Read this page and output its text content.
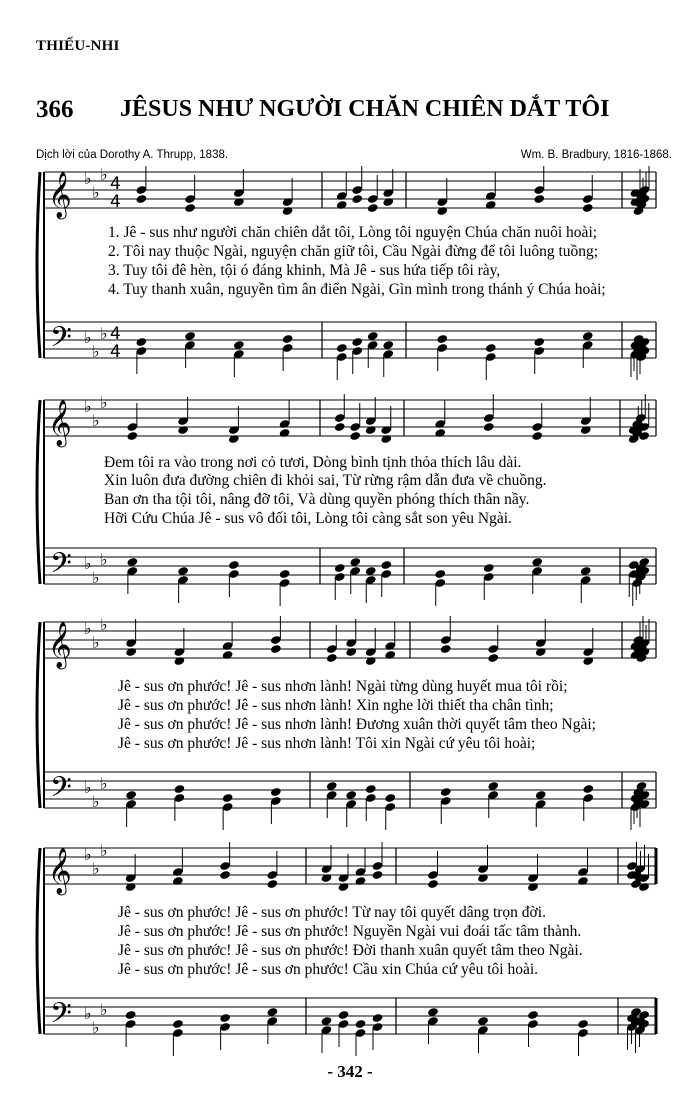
THIẾU-NHI
366 JÊSUS NHƯ NGƯỜI CHĂN CHIÊN DẮT TÔI
Dịch lời của Dorothy A. Thrupp, 1838.	Wm. B. Bradbury, 1816-1868.
𝄞 ♭
♭
♭ 4
4
𝄢 ♭
♭
♭ 4
4
𝄞 ♭
♭
♭
𝄢 ♭
♭
♭
𝄞 ♭
♭
♭
𝄢 ♭
♭
♭
𝄞 ♭
♭
♭
𝄢 ♭
♭
♭
1. Jê - sus như người chăn chiên dắt tôi, Lòng tôi nguyện Chúa chăn nuôi hoài;
2. Tôi nay thuộc Ngài, nguyện chăn giữ tôi, Cầu Ngài đừng để tôi luông tuồng;
3. Tuy tôi đê hèn, tội ó đáng khinh, Mà Jê - sus hứa tiếp tôi rày,
4. Tuy thanh xuân, nguyền tìm ân điển Ngài, Gìn mình trong thánh ý Chúa hoài;
Đem tôi ra vào trong nơi cỏ tươi, Dòng bình tịnh thỏa thích lâu dài.
Xin luôn đưa đường chiên đi khỏi sai, Từ rừng rậm dẫn đưa về chuồng.
Ban ơn tha tội tôi, nâng đỡ tôi, Và dùng quyền phóng thích thân nầy.
Hỡi Cứu Chúa Jê - sus vô đối tôi, Lòng tôi càng sắt son yêu Ngài.
Jê - sus ơn phước! Jê - sus nhơn lành! Ngài từng dùng huyết mua tôi rồi;
Jê - sus ơn phước! Jê - sus nhơn lành! Xin nghe lời thiết tha chân tình;
Jê - sus ơn phước! Jê - sus nhơn lành! Đương xuân thời quyết tâm theo Ngài;
Jê - sus ơn phước! Jê - sus nhơn lành! Tôi xin Ngài cứ yêu tôi hoài;
Jê - sus ơn phước! Jê - sus ơn phước! Từ nay tôi quyết dâng trọn đời.
Jê - sus ơn phước! Jê - sus ơn phước! Nguyền Ngài vui đoái tấc tâm thành.
Jê - sus ơn phước! Jê - sus ơn phước! Đời thanh xuân quyết tâm theo Ngài.
Jê - sus ơn phước! Jê - sus ơn phước! Cầu xin Chúa cứ yêu tôi hoài.
- 342 -
